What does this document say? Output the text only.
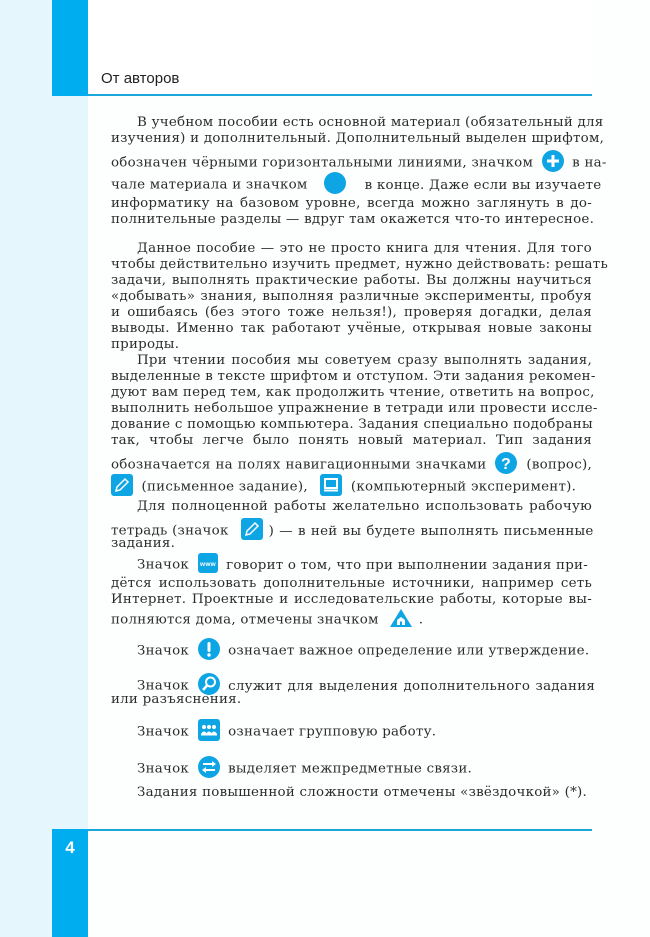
От авторов
В учебном пособии есть основной материал (обязательный для
изучения) и дополнительный. Дополнительный выделен шрифтом,
обозначен чёрными горизонтальными линиями, значком	в на-
чале материала и значком	в конце. Даже если вы изучаете
информатику на базовом уровне, всегда можно заглянуть в до-
полнительные разделы — вдруг там окажется что-то интересное.
Данное пособие — это не просто книга для чтения. Для того
чтобы действительно изучить предмет, нужно действовать: решать
задачи, выполнять практические работы. Вы должны научиться
«добывать» знания, выполняя различные эксперименты, пробуя
и ошибаясь (без этого тоже нельзя!), проверяя догадки, делая
выводы. Именно так работают учёные, открывая новые законы
природы.
При чтении пособия мы советуем сразу выполнять задания,
выделенные в тексте шрифтом и отступом. Эти задания рекомен-
дуют вам перед тем, как продолжить чтение, ответить на вопрос,
выполнить небольшое упражнение в тетради или провести иссле-
дование с помощью компьютера. Задания специально подобраны
так, чтобы легче было понять новый материал. Тип задания
обозначается на полях навигационными значками ? (вопрос),
(письменное задание),	(компьютерный эксперимент).
Для полноценной работы желательно использовать рабочую
тетрадь (значок	) — в ней вы будете выполнять письменные
задания.
Значок www говорит о том, что при выполнении задания при-
дётся использовать дополнительные источники, например сеть
Интернет. Проектные и исследовательские работы, которые вы-
полняются дома, отмечены значком	.
Значок	означает важное определение или утверждение.
Значок	служит для выделения дополнительного задания
или разъяснения.
Значок	означает групповую работу.
Значок	выделяет межпредметные связи.
Задания повышенной сложности отмечены «звёздочкой» (*).
4
